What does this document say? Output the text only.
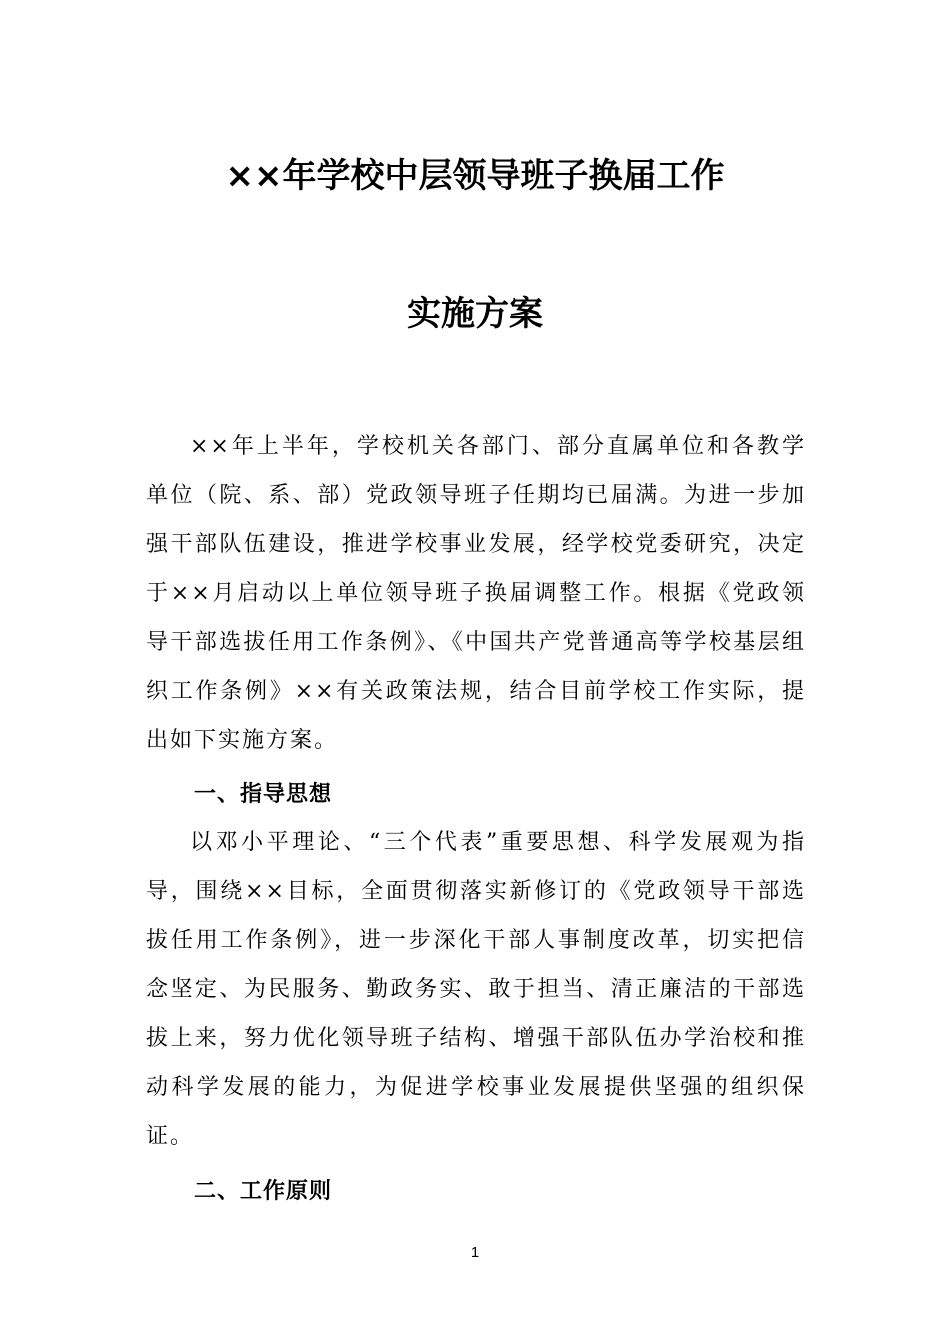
××年学校中层领导班子换届工作
实施方案

××年上半年，学校机关各部门、部分直属单位和各教学单位（院、系、部）党政领导班子任期均已届满。为进一步加强干部队伍建设，推进学校事业发展，经学校党委研究，决定于××月启动以上单位领导班子换届调整工作。根据《党政领导干部选拔任用工作条例》、《中国共产党普通高等学校基层组织工作条例》××有关政策法规，结合目前学校工作实际，提出如下实施方案。

一、指导思想

以邓小平理论、“三个代表”重要思想、科学发展观为指导，围绕××目标，全面贯彻落实新修订的《党政领导干部选拔任用工作条例》，进一步深化干部人事制度改革，切实把信念坚定、为民服务、勤政务实、敢于担当、清正廉洁的干部选拔上来，努力优化领导班子结构、增强干部队伍办学治校和推动科学发展的能力，为促进学校事业发展提供坚强的组织保证。

二、工作原则
1
